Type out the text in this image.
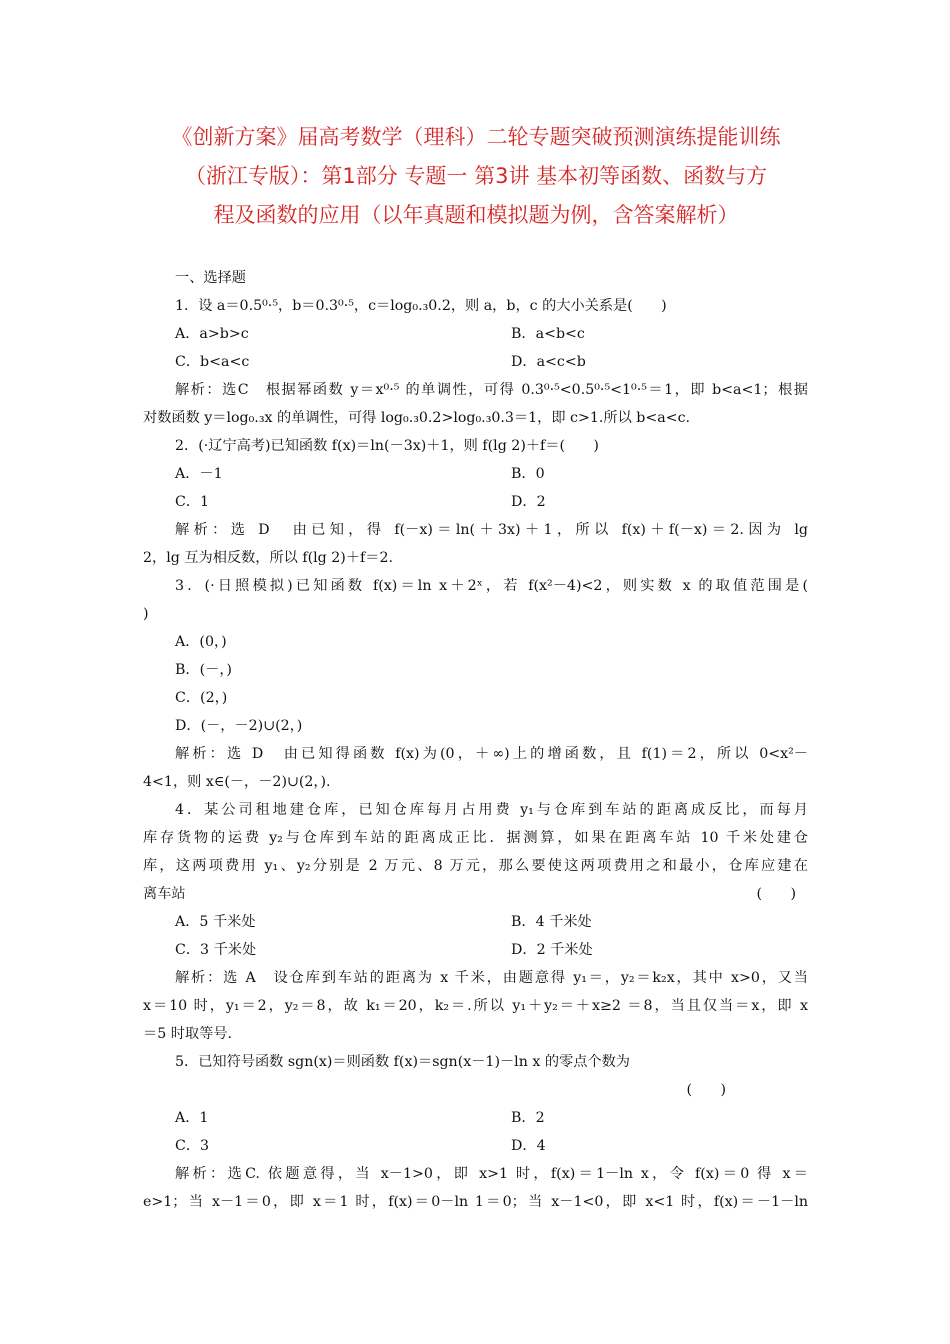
《创新方案》届高考数学（理科）二轮专题突破预测演练提能训练
（浙江专版）：第1部分 专题一 第3讲 基本初等函数、函数与方
程及函数的应用（以年真题和模拟题为例，含答案解析）
一、选择题
1．设 a＝0.5⁰·⁵，b＝0.3⁰·⁵，c＝log₀.₃0.2，则 a，b，c 的大小关系是(　　)
A．a>b>c	B．a<b<c
C．b<a<c	D．a<c<b
解析：选C　根据幂函数 y＝x⁰·⁵ 的单调性，可得 0.3⁰·⁵<0.5⁰·⁵<1⁰·⁵＝1，即 b<a<1；根据
对数函数 y＝log₀.₃x 的单调性，可得 log₀.₃0.2>log₀.₃0.3＝1，即 c>1.所以 b<a<c.
2．(·辽宁高考)已知函数 f(x)＝ln(－3x)＋1，则 f(lg 2)＋f＝(　　)
A．－1	B．0
C．1	D．2
解析：选 D　由已知，得 f(－x)＝ln(＋3x)＋1，所以 f(x)＋f(－x)＝2.因为 lg
2，lg 互为相反数，所以 f(lg 2)＋f＝2.
3．(·日照模拟)已知函数 f(x)＝ln x＋2ˣ，若 f(x²－4)<2，则实数 x 的取值范围是(
)
A．(0，)
B．(－，)
C．(2，)
D．(－，－2)∪(2，)
解析：选 D　由已知得函数 f(x)为(0，＋∞)上的增函数，且 f(1)＝2，所以 0<x²－
4<1，则 x∈(－，－2)∪(2，).
4．某公司租地建仓库，已知仓库每月占用费 y₁与仓库到车站的距离成反比，而每月
库存货物的运费 y₂与仓库到车站的距离成正比．据测算，如果在距离车站 10 千米处建仓
库，这两项费用 y₁、y₂分别是 2 万元、8 万元，那么要使这两项费用之和最小，仓库应建在
离车站	(　　)
A．5 千米处	B．4 千米处
C．3 千米处	D．2 千米处
解析：选 A　设仓库到车站的距离为 x 千米，由题意得 y₁＝，y₂＝k₂x，其中 x>0，又当
x＝10 时，y₁＝2，y₂＝8，故 k₁＝20，k₂＝.所以 y₁＋y₂＝＋x≥2 ＝8，当且仅当＝x，即 x
＝5 时取等号.
5．已知符号函数 sgn(x)＝则函数 f(x)＝sgn(x－1)－ln x 的零点个数为
(　　)
A．1	B．2
C．3	D．4
解析：选C. 依题意得，当 x－1>0，即 x>1 时，f(x)＝1－ln x，令 f(x)＝0 得 x＝
e>1；当 x－1＝0，即 x＝1 时，f(x)＝0－ln 1＝0；当 x－1<0，即 x<1 时，f(x)＝－1－ln
